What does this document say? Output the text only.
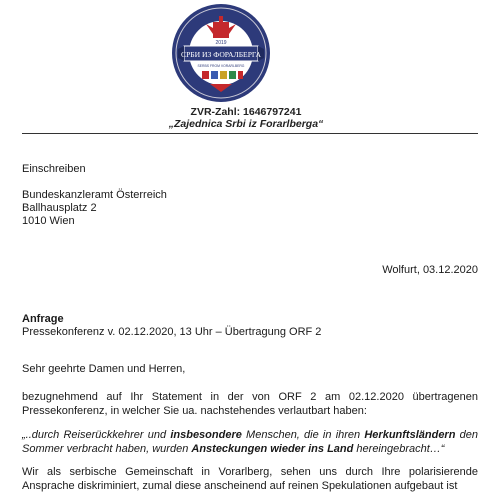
СРБИ ИЗ ФОРАЛБЕРГА
2019
SERBS FROM VORARLBERG
ZVR-Zahl: 1646797241
„Zajednica Srbi iz Forarlberga“
Einschreiben
Bundeskanzleramt Österreich
Ballhausplatz 2
1010 Wien
Wolfurt, 03.12.2020
Anfrage
Pressekonferenz v. 02.12.2020, 13 Uhr – Übertragung ORF 2
Sehr geehrte Damen und Herren,
bezugnehmend auf Ihr Statement in der von ORF 2 am 02.12.2020 übertragenen Pressekonferenz, in welcher Sie ua. nachstehendes verlautbart haben:
„..durch Reiserückkehrer und insbesondere Menschen, die in ihren Herkunftsländern den Sommer verbracht haben, wurden Ansteckungen wieder ins Land hereingebracht…“
Wir als serbische Gemeinschaft in Vorarlberg, sehen uns durch Ihre polarisierende Ansprache diskriminiert, zumal diese anscheinend auf reinen Spekulationen aufgebaut ist
